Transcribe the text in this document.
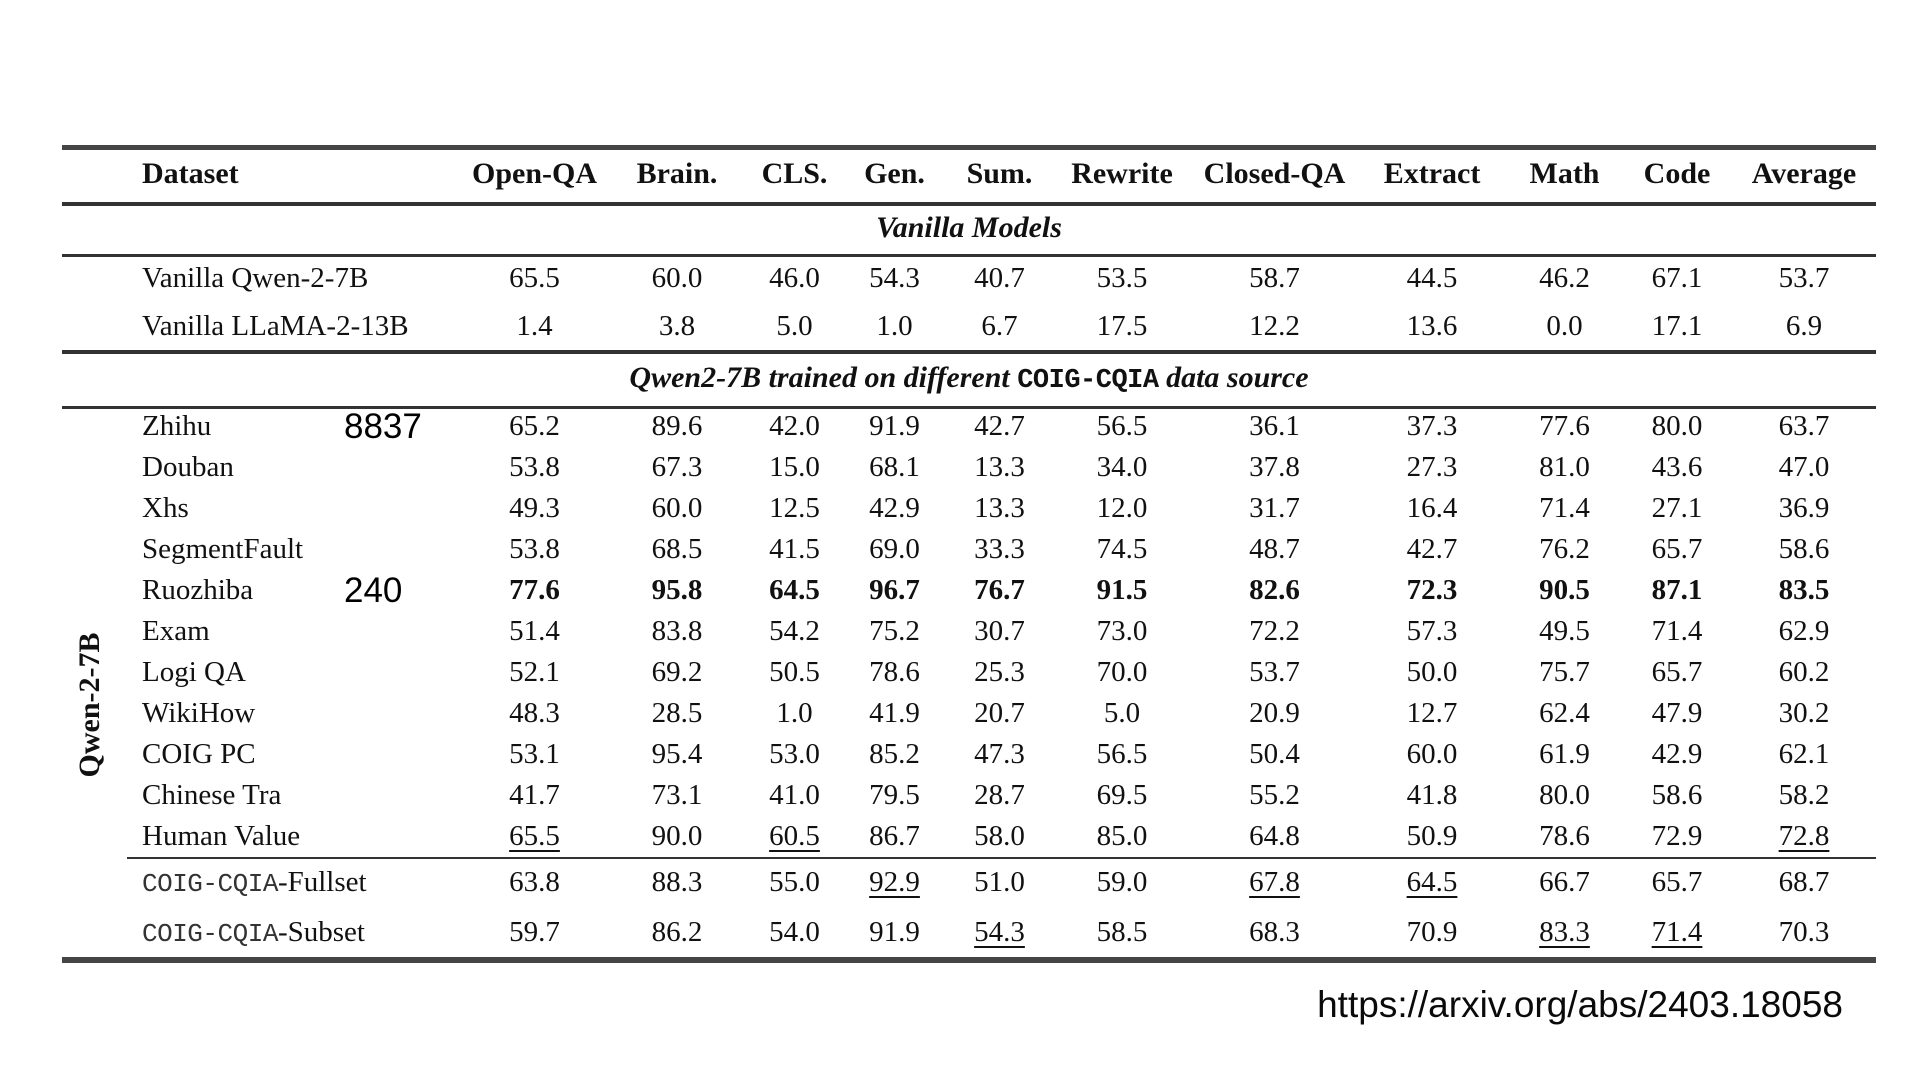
Qwen-2-7B
Dataset	Open-QA	Brain.	CLS.	Gen.	Sum.	Rewrite	Closed-QA	Extract	Math	Code	Average
Vanilla Models											
Vanilla Qwen-2-7B	65.5	60.0	46.0	54.3	40.7	53.5	58.7	44.5	46.2	67.1	53.7
Vanilla LLaMA-2-13B	1.4	3.8	5.0	1.0	6.7	17.5	12.2	13.6	0.0	17.1	6.9
Qwen2-7B trained on different COIG-CQIA data source											
Zhihu 8837	65.2	89.6	42.0	91.9	42.7	56.5	36.1	37.3	77.6	80.0	63.7
Douban	53.8	67.3	15.0	68.1	13.3	34.0	37.8	27.3	81.0	43.6	47.0
Xhs	49.3	60.0	12.5	42.9	13.3	12.0	31.7	16.4	71.4	27.1	36.9
SegmentFault	53.8	68.5	41.5	69.0	33.3	74.5	48.7	42.7	76.2	65.7	58.6
Ruozhiba 240	77.6	95.8	64.5	96.7	76.7	91.5	82.6	72.3	90.5	87.1	83.5
Exam	51.4	83.8	54.2	75.2	30.7	73.0	72.2	57.3	49.5	71.4	62.9
Logi QA	52.1	69.2	50.5	78.6	25.3	70.0	53.7	50.0	75.7	65.7	60.2
WikiHow	48.3	28.5	1.0	41.9	20.7	5.0	20.9	12.7	62.4	47.9	30.2
COIG PC	53.1	95.4	53.0	85.2	47.3	56.5	50.4	60.0	61.9	42.9	62.1
Chinese Tra	41.7	73.1	41.0	79.5	28.7	69.5	55.2	41.8	80.0	58.6	58.2
Human Value	65.5	90.0	60.5	86.7	58.0	85.0	64.8	50.9	78.6	72.9	72.8
COIG-CQIA-Fullset	63.8	88.3	55.0	92.9	51.0	59.0	67.8	64.5	66.7	65.7	68.7
COIG-CQIA-Subset	59.7	86.2	54.0	91.9	54.3	58.5	68.3	70.9	83.3	71.4	70.3
https://arxiv.org/abs/2403.18058
